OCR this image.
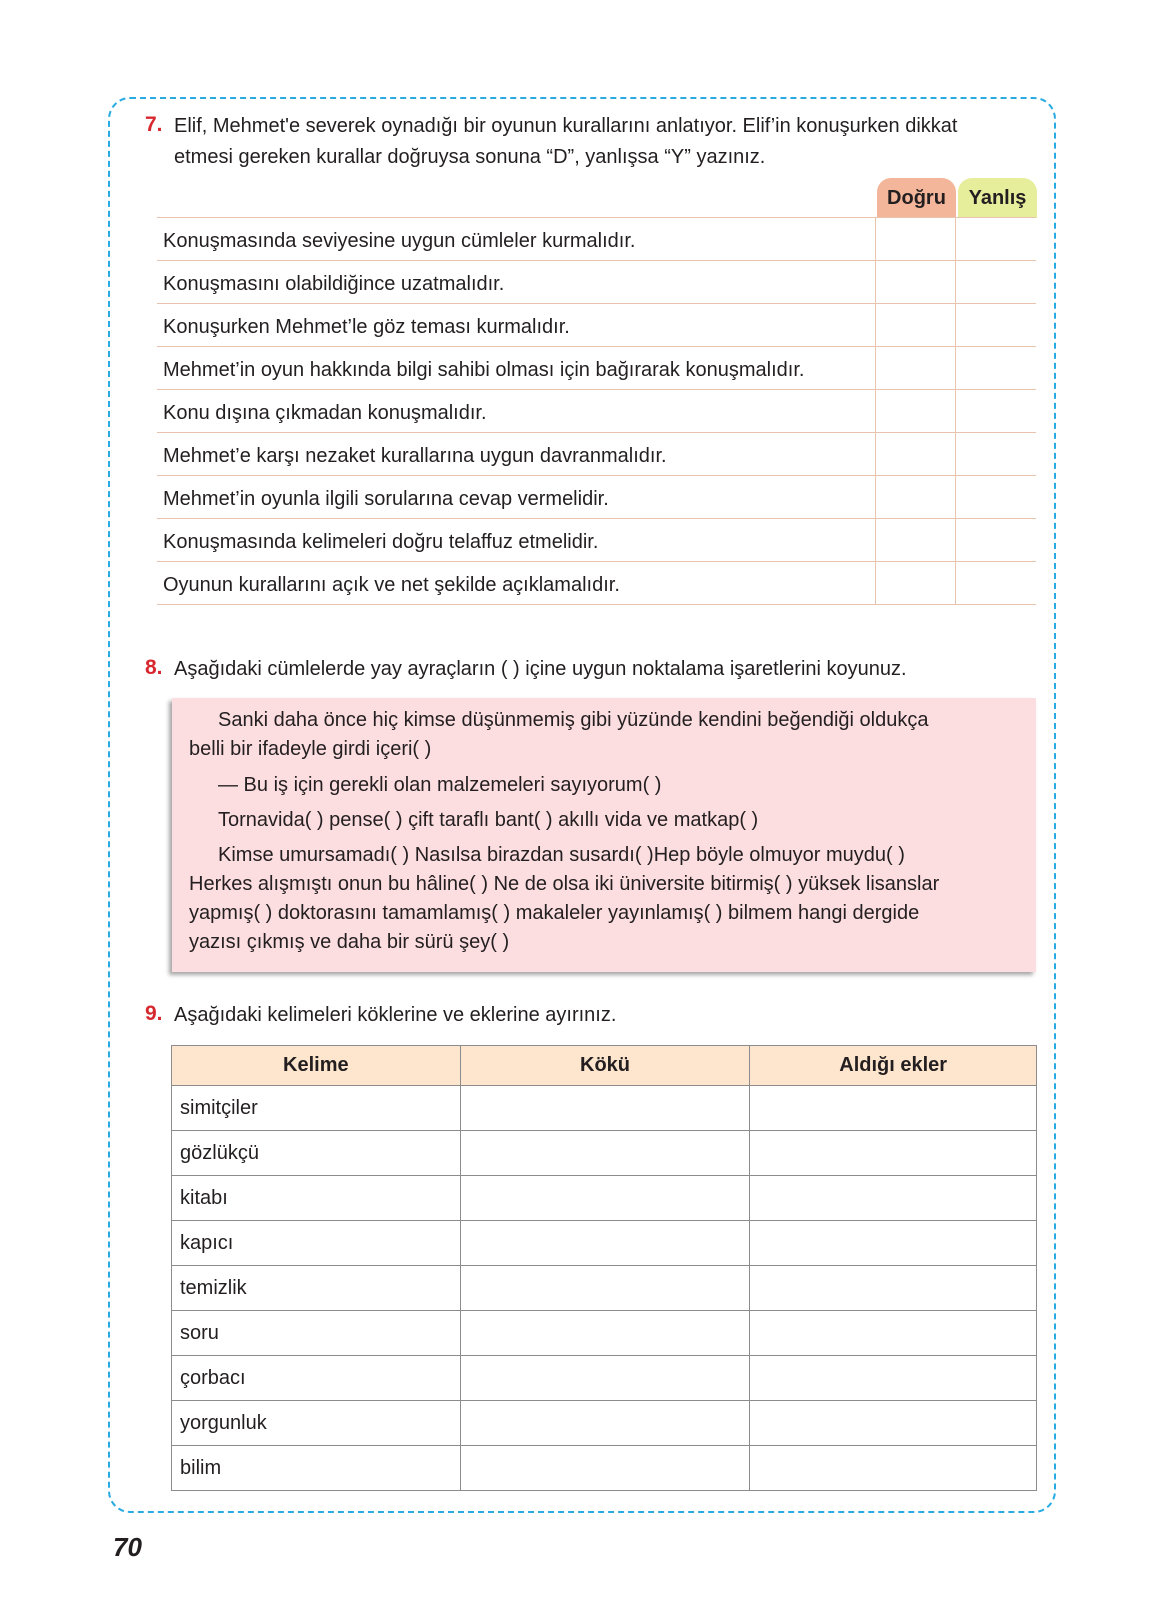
7. Elif, Mehmet'e severek oynadığı bir oyunun kurallarını anlatıyor. Elif’in konuşurken dikkat
etmesi gereken kurallar doğruysa sonuna “D”, yanlışsa “Y” yazınız.
Doğru	Yanlış
Konuşmasında seviyesine uygun cümleler kurmalıdır.
Konuşmasını olabildiğince uzatmalıdır.
Konuşurken Mehmet’le göz teması kurmalıdır.
Mehmet’in oyun hakkında bilgi sahibi olması için bağırarak konuşmalıdır.
Konu dışına çıkmadan konuşmalıdır.
Mehmet’e karşı nezaket kurallarına uygun davranmalıdır.
Mehmet’in oyunla ilgili sorularına cevap vermelidir.
Konuşmasında kelimeleri doğru telaffuz etmelidir.
Oyunun kurallarını açık ve net şekilde açıklamalıdır.
8. Aşağıdaki cümlelerde yay ayraçların ( ) içine uygun noktalama işaretlerini koyunuz.
Sanki daha önce hiç kimse düşünmemiş gibi yüzünde kendini beğendiği oldukça
belli bir ifadeyle girdi içeri( )
— Bu iş için gerekli olan malzemeleri sayıyorum( )
Tornavida( ) pense( ) çift taraflı bant( ) akıllı vida ve matkap( )
Kimse umursamadı( ) Nasılsa birazdan susardı( )Hep böyle olmuyor muydu( )
Herkes alışmıştı onun bu hâline( ) Ne de olsa iki üniversite bitirmiş( ) yüksek lisanslar
yapmış( ) doktorasını tamamlamış( ) makaleler yayınlamış( ) bilmem hangi dergide
yazısı çıkmış ve daha bir sürü şey( )
9. Aşağıdaki kelimeleri köklerine ve eklerine ayırınız.
Kelime	Kökü	Aldığı ekler
simitçiler		
gözlükçü		
kitabı		
kapıcı		
temizlik		
soru		
çorbacı		
yorgunluk		
bilim		
70
